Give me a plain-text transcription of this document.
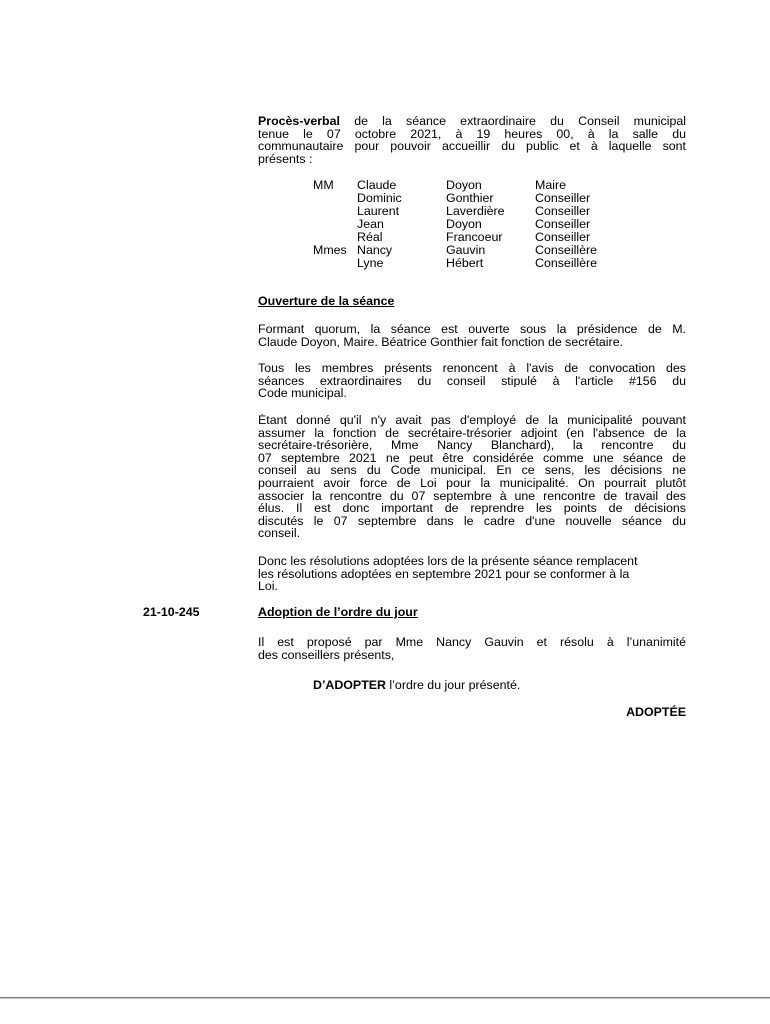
Procès-verbal de la séance extraordinaire du Conseil municipal

tenue le 07 octobre 2021, à 19 heures 00, à la salle du

communautaire pour pouvoir accueillir du public et à laquelle sont

présents :

MM Claude	Doyon	Maire
Dominic	Gonthier	Conseiller
Laurent	Laverdière Conseiller
Jean	Doyon	Conseiller
Réal	Francoeur	Conseiller
Mmes Nancy	Gauvin	Conseillère
Lyne	Hébert	Conseillère
Ouverture de la séance

Formant quorum, la séance est ouverte sous la présidence de M.

Claude Doyon, Maire. Béatrice Gonthier fait fonction de secrétaire.

Tous les membres présents renoncent à l'avis de convocation des

séances extraordinaires du conseil stipulé à l'article #156 du

Code municipal.

Étant donné qu'il n'y avait pas d'employé de la municipalité pouvant

assumer la fonction de secrétaire-trésorier adjoint (en l'absence de la

secrétaire-trésorière, Mme Nancy Blanchard), la rencontre du

07 septembre 2021 ne peut être considérée comme une séance de

conseil au sens du Code municipal. En ce sens, les décisions ne

pourraient avoir force de Loi pour la municipalité. On pourrait plutôt

associer la rencontre du 07 septembre à une rencontre de travail des

élus. Il est donc important de reprendre les points de décisions

discutés le 07 septembre dans le cadre d'une nouvelle séance du

conseil.

Donc les résolutions adoptées lors de la présente séance remplacent

les résolutions adoptées en septembre 2021 pour se conformer à la

Loi.

21-10-245	Adoption de l’ordre du jour

Il est proposé par Mme Nancy Gauvin et résolu à l’unanimité

des conseillers présents,

D’ADOPTER l’ordre du jour présenté.
ADOPTÉE
